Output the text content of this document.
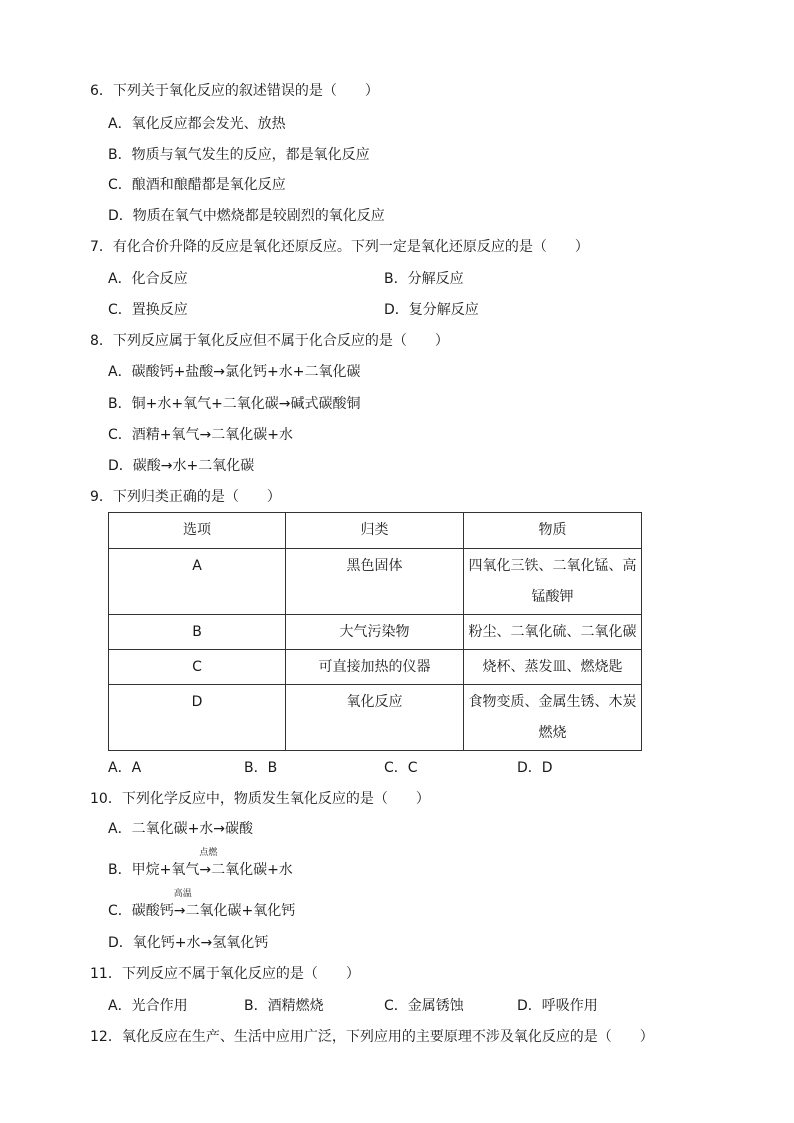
6．下列关于氧化反应的叙述错误的是（　　）
A．氧化反应都会发光、放热
B．物质与氧气发生的反应，都是氧化反应
C．酿酒和酿醋都是氧化反应
D．物质在氧气中燃烧都是较剧烈的氧化反应
7．有化合价升降的反应是氧化还原反应。下列一定是氧化还原反应的是（　　）
A．化合反应	B．分解反应
C．置换反应	D．复分解反应
8．下列反应属于氧化反应但不属于化合反应的是（　　）
A．碳酸钙+盐酸→氯化钙+水+二氧化碳
B．铜+水+氧气+二氧化碳→碱式碳酸铜
C．酒精+氧气→二氧化碳+水
D．碳酸→水+二氧化碳
9．下列归类正确的是（　　）
选项	归类	物质
A	黑色固体	四氧化三铁、二氧化锰、高锰酸钾
B	大气污染物	粉尘、二氧化硫、二氧化碳
C	可直接加热的仪器	烧杯、蒸发皿、燃烧匙
D	氧化反应	食物变质、金属生锈、木炭燃烧
A．A	B．B	C．C	D．D
10．下列化学反应中，物质发生氧化反应的是（　　）
A．二氧化碳+水→碳酸
B．甲烷+氧气
点燃
→二氧化碳+水
C．碳酸钙
高温
→二氧化碳+氧化钙
D．氧化钙+水→氢氧化钙
11．下列反应不属于氧化反应的是（　　）
A．光合作用	B．酒精燃烧	C．金属锈蚀	D．呼吸作用
12．氧化反应在生产、生活中应用广泛，下列应用的主要原理不涉及氧化反应的是（　　）
